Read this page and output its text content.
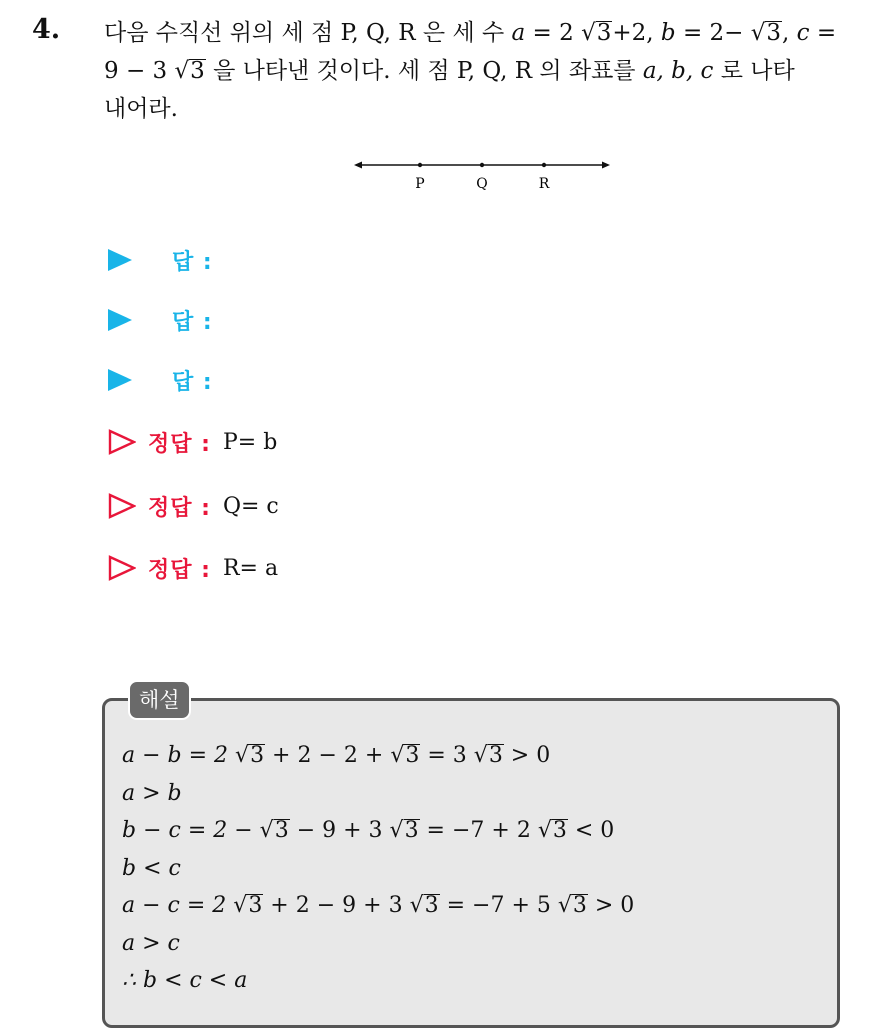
4. 다음 수직선 위의 세 점 P, Q, R 은 세 수 a = 2 √3+2, b = 2− √3, c =
9 − 3 √3 을 나타낸 것이다. 세 점 P, Q, R 의 좌표를 a, b, c 로 나타
내어라.
P	Q	R
답 :
답 :
답 :
정답 : P= b
정답 : Q= c
정답 : R= a
해설
a − b = 2 √3 + 2 − 2 + √3 = 3 √3 > 0
a > b
b − c = 2 − √3 − 9 + 3 √3 = −7 + 2 √3 < 0
b < c
a − c = 2 √3 + 2 − 9 + 3 √3 = −7 + 5 √3 > 0
a > c
∴ b < c < a
